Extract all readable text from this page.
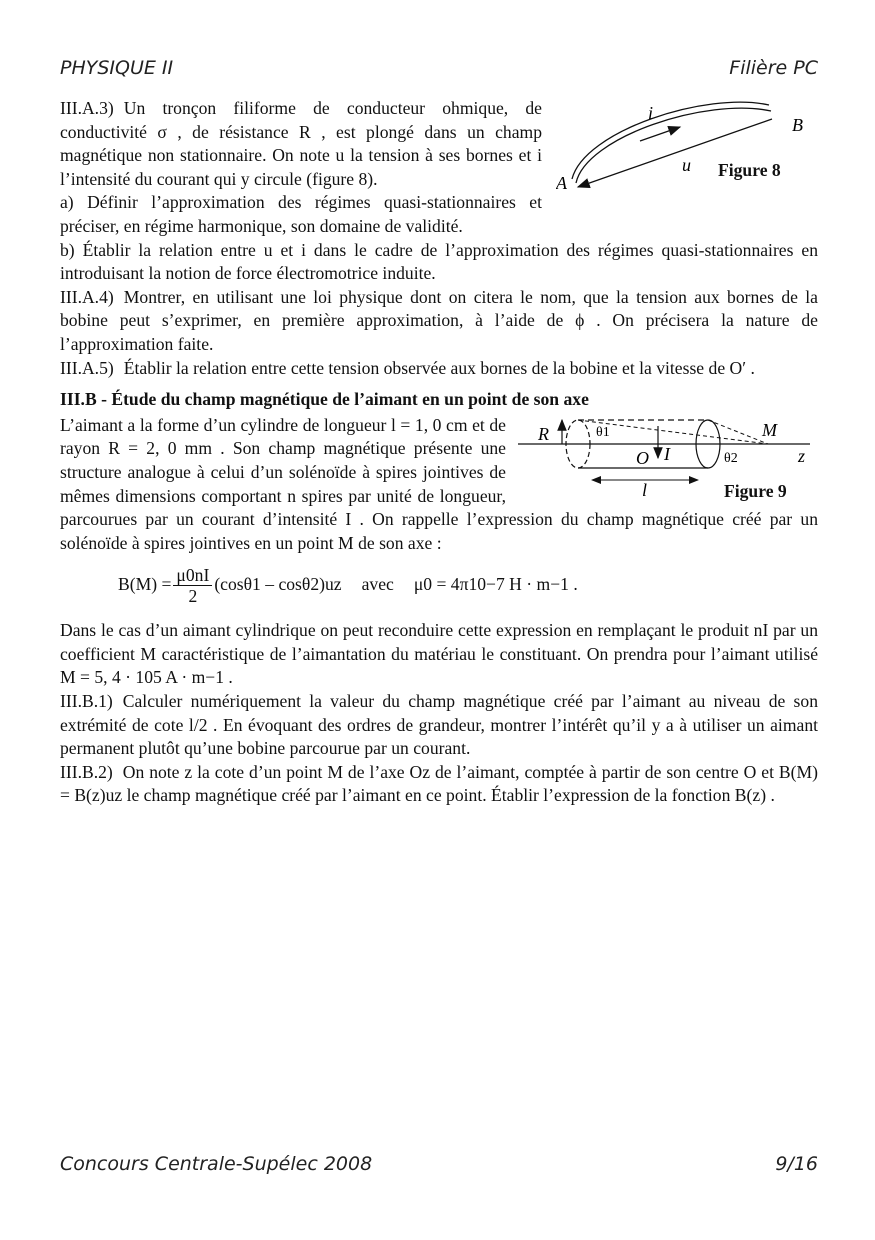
PHYSIQUE II	Filière PC
i
B
u
A
Figure 8

III.A.3) Un tronçon filiforme de conducteur ohmique, de conductivité σ , de résistance R , est plongé dans un champ magnétique non stationnaire. On note u la tension à ses bornes et i l’intensité du courant qui y circule (figure 8).

a) Définir l’approximation des régimes quasi-stationnaires et préciser, en régime harmonique, son domaine de validité.

b) Établir la relation entre u et i dans le cadre de l’approximation des régimes quasi-stationnaires en introduisant la notion de force électromotrice induite.

III.A.4) Montrer, en utilisant une loi physique dont on citera le nom, que la tension aux bornes de la bobine peut s’exprimer, en première approximation, à l’aide de ϕ . On précisera la nature de l’approximation faite.

III.A.5) Établir la relation entre cette tension observée aux bornes de la bobine et la vitesse de O′ .

III.B - Étude du champ magnétique de l’aimant en un point de son axe

R	θ1
O I	θ2
M
z
l	Figure 9

L’aimant a la forme d’un cylindre de longueur l = 1, 0 cm et de rayon R = 2, 0 mm . Son champ magnétique présente une structure analogue à celui d’un solénoïde à spires jointives de mêmes dimensions comportant n spires par unité de longueur, parcourues par un courant d’intensité I . On rappelle l’expression du champ magnétique créé par un solénoïde à spires jointives en un point M de son axe :

$B(M) = \frac{\mu 0nI}{2} (\cos\theta 1 - \cos\theta 2)uz$ avec μ0 = 4π10−7 H · m−1 .

Dans le cas d’un aimant cylindrique on peut reconduire cette expression en remplaçant le produit nI par un coefficient M caractéristique de l’aimantation du matériau le constituant. On prendra pour l’aimant utilisé M = 5, 4 · 105 A · m−1 .

III.B.1) Calculer numériquement la valeur du champ magnétique créé par l’aimant au niveau de son extrémité de cote l/2 . En évoquant des ordres de grandeur, montrer l’intérêt qu’il y a à utiliser un aimant permanent plutôt qu’une bobine parcourue par un courant.

III.B.2) On note z la cote d’un point M de l’axe Oz de l’aimant, comptée à partir de son centre O et B(M) = B(z)uz le champ magnétique créé par l’aimant en ce point. Établir l’expression de la fonction B(z) .

Concours Centrale-Supélec 2008	9/16
